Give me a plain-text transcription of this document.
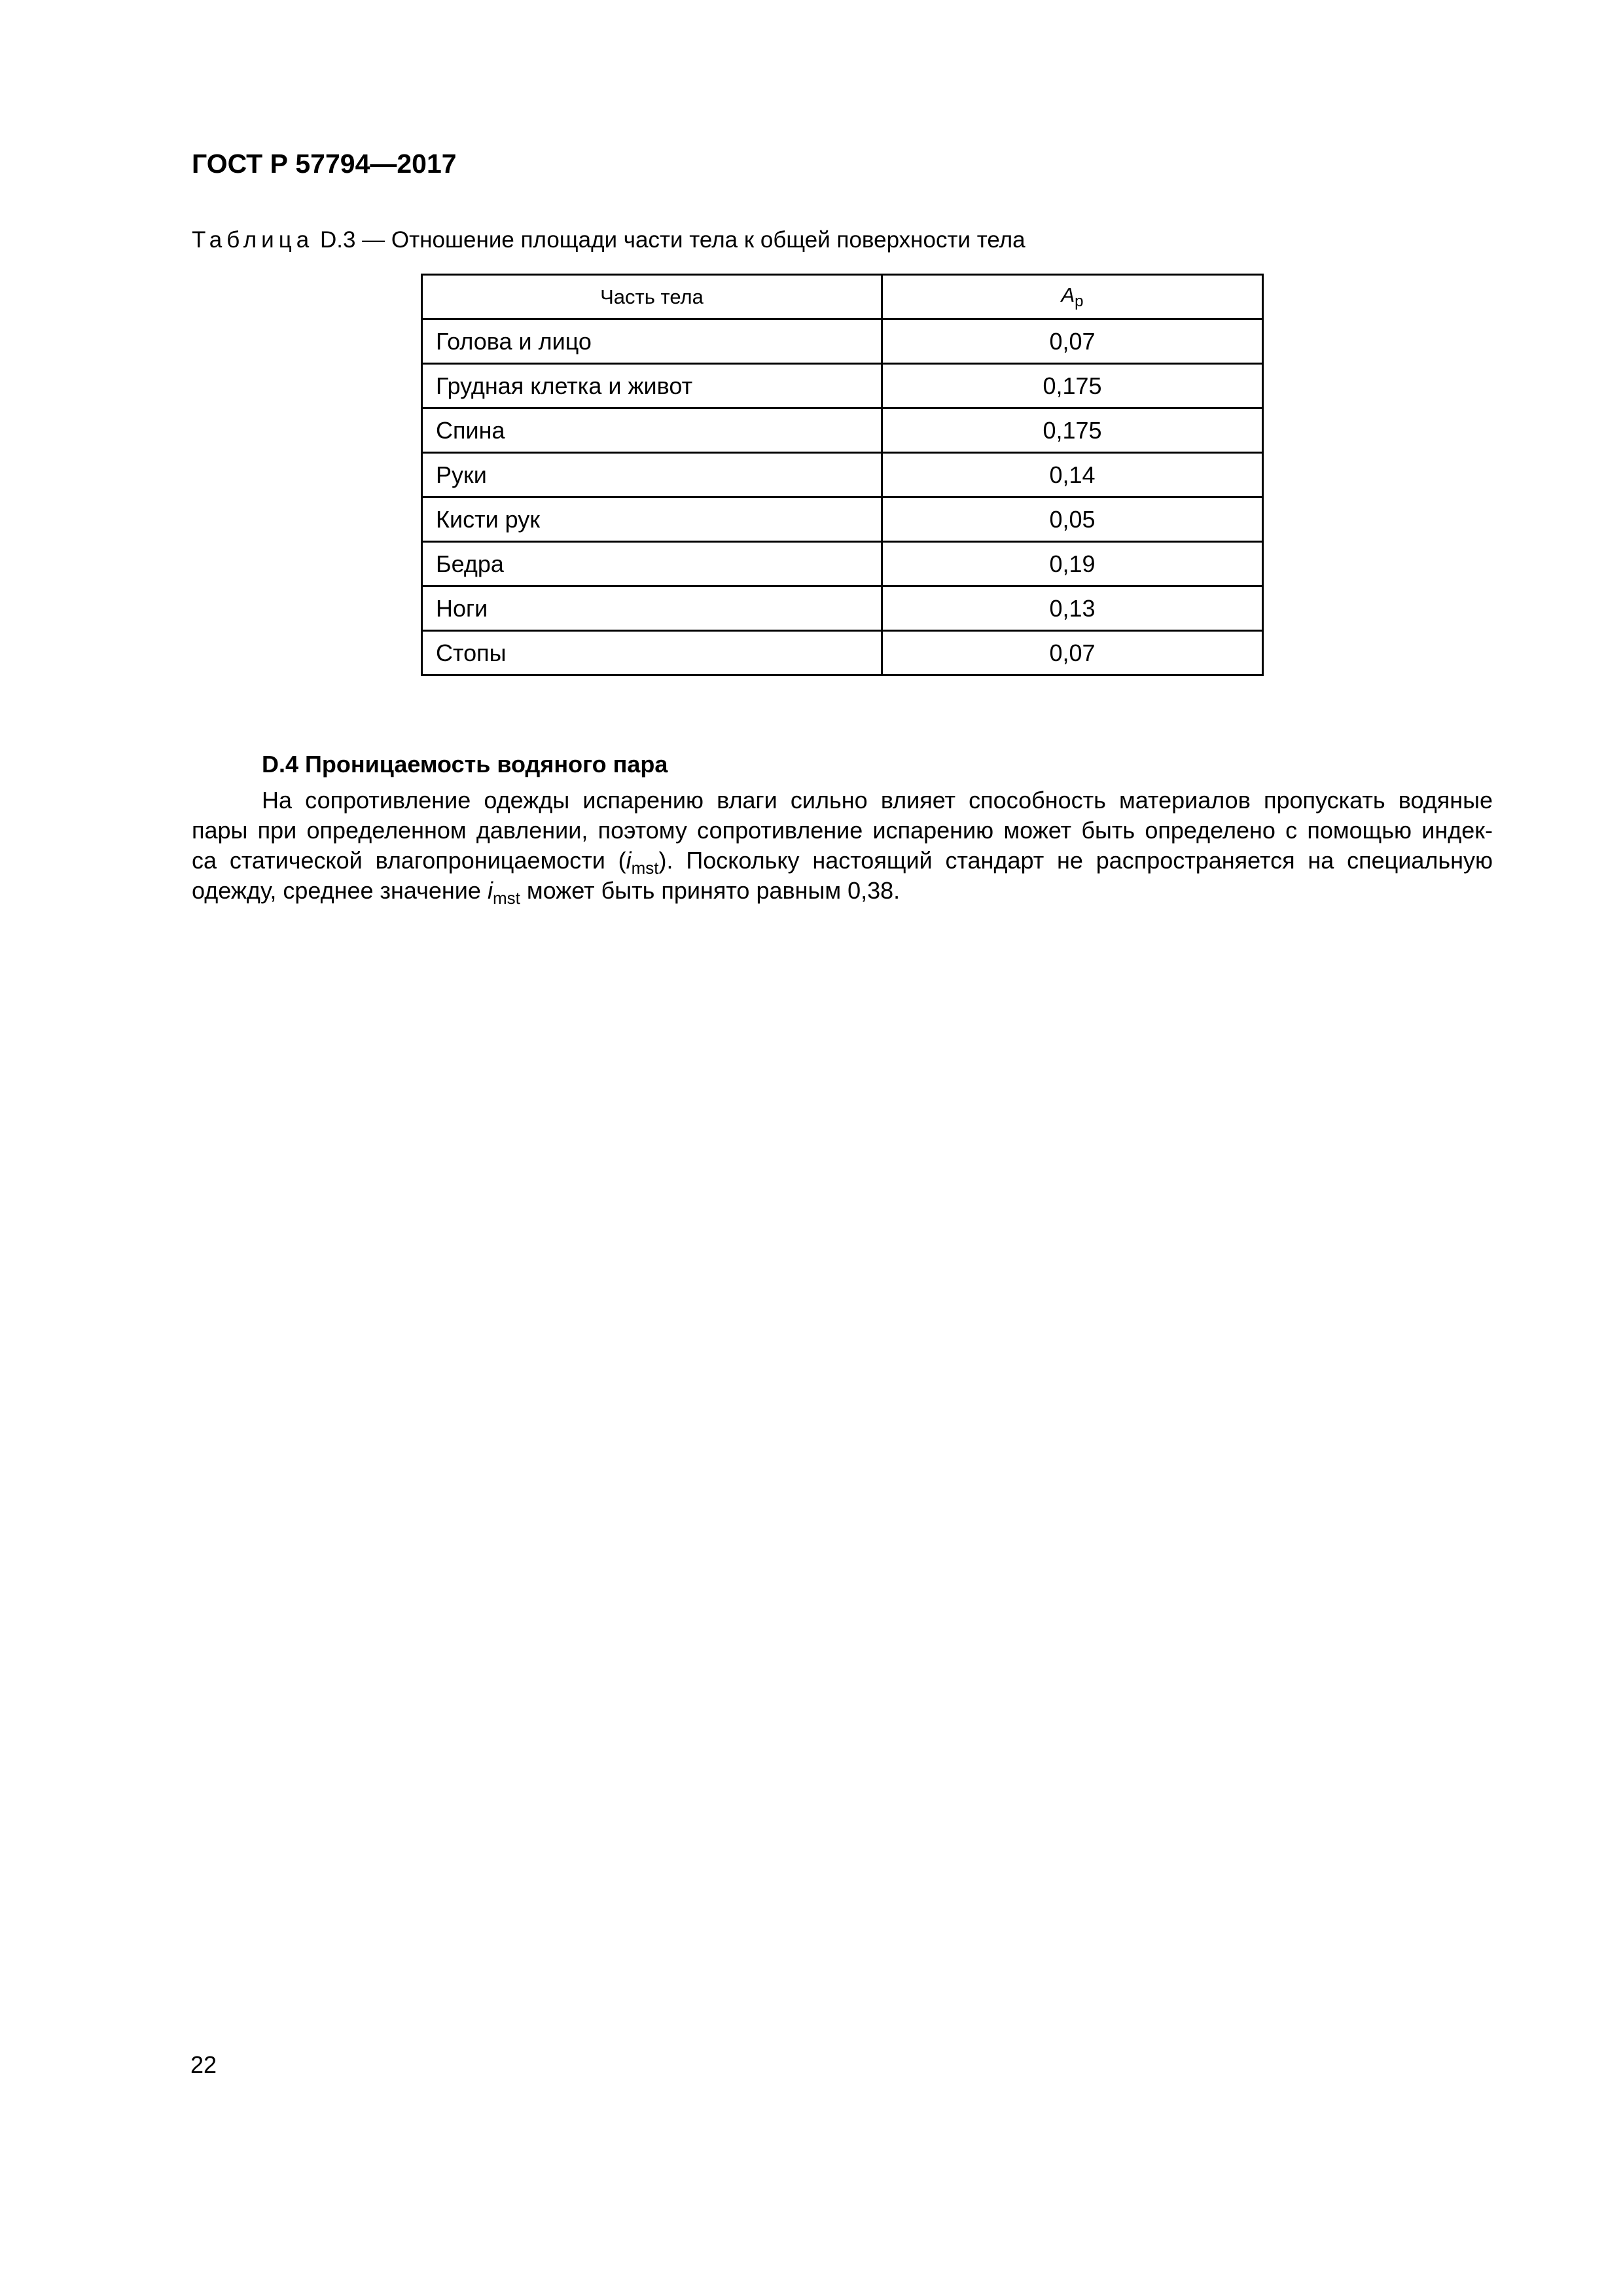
ГОСТ Р 57794—2017

Таблица D.3 — Отношение площади части тела к общей поверхности тела

Часть тела	$A_p$
Голова и лицо	0,07
Грудная клетка и живот	0,175
Спина	0,175
Руки	0,14
Кисти рук	0,05
Бедра	0,19
Ноги	0,13
Стопы	0,07
D.4 Проницаемость водяного пара

На сопротивление одежды испарению влаги сильно влияет способность материалов пропускать водяные
пары при определенном давлении, поэтому сопротивление испарению может быть определено с помощью индек-
са статической влагопроницаемости $(i_{mst})$. Поскольку настоящий стандарт не распространяется на специальную
одежду, среднее значение $i_{mst}$ может быть принято равным 0,38.

22
